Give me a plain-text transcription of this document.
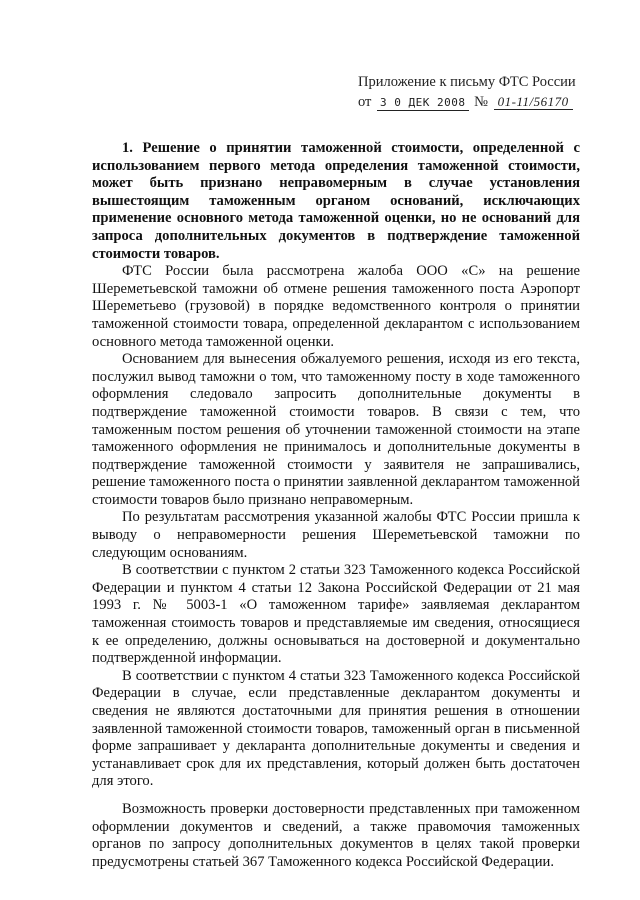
Приложение к письму ФТС России
от 3 0 ДЕК 2008 № 01-11/56170

1. Решение о принятии таможенной стоимости, определенной с использованием первого метода определения таможенной стоимости, может быть признано неправомерным в случае установления вышестоящим таможенным органом оснований, исключающих применение основного метода таможенной оценки, но не оснований для запроса дополнительных документов в подтверждение таможенной стоимости товаров.

ФТС России была рассмотрена жалоба ООО «С» на решение Шереметьевской таможни об отмене решения таможенного поста Аэропорт Шереметьево (грузовой) в порядке ведомственного контроля о принятии таможенной стоимости товара, определенной декларантом с использованием основного метода таможенной оценки.

Основанием для вынесения обжалуемого решения, исходя из его текста, послужил вывод таможни о том, что таможенному посту в ходе таможенного оформления следовало запросить дополнительные документы в подтверждение таможенной стоимости товаров. В связи с тем, что таможенным постом решения об уточнении таможенной стоимости на этапе таможенного оформления не принималось и дополнительные документы в подтверждение таможенной стоимости у заявителя не запрашивались, решение таможенного поста о принятии заявленной декларантом таможенной стоимости товаров было признано неправомерным.

По результатам рассмотрения указанной жалобы ФТС России пришла к выводу о неправомерности решения Шереметьевской таможни по следующим основаниям.

В соответствии с пунктом 2 статьи 323 Таможенного кодекса Российской Федерации и пунктом 4 статьи 12 Закона Российской Федерации от 21 мая 1993 г. № 5003-1 «О таможенном тарифе» заявляемая декларантом таможенная стоимость товаров и представляемые им сведения, относящиеся к ее определению, должны основываться на достоверной и документально подтвержденной информации.

В соответствии с пунктом 4 статьи 323 Таможенного кодекса Российской Федерации в случае, если представленные декларантом документы и сведения не являются достаточными для принятия решения в отношении заявленной таможенной стоимости товаров, таможенный орган в письменной форме запрашивает у декларанта дополнительные документы и сведения и устанавливает срок для их представления, который должен быть достаточен для этого.

Возможность проверки достоверности представленных при таможенном оформлении документов и сведений, а также правомочия таможенных органов по запросу дополнительных документов в целях такой проверки предусмотрены статьей 367 Таможенного кодекса Российской Федерации.
